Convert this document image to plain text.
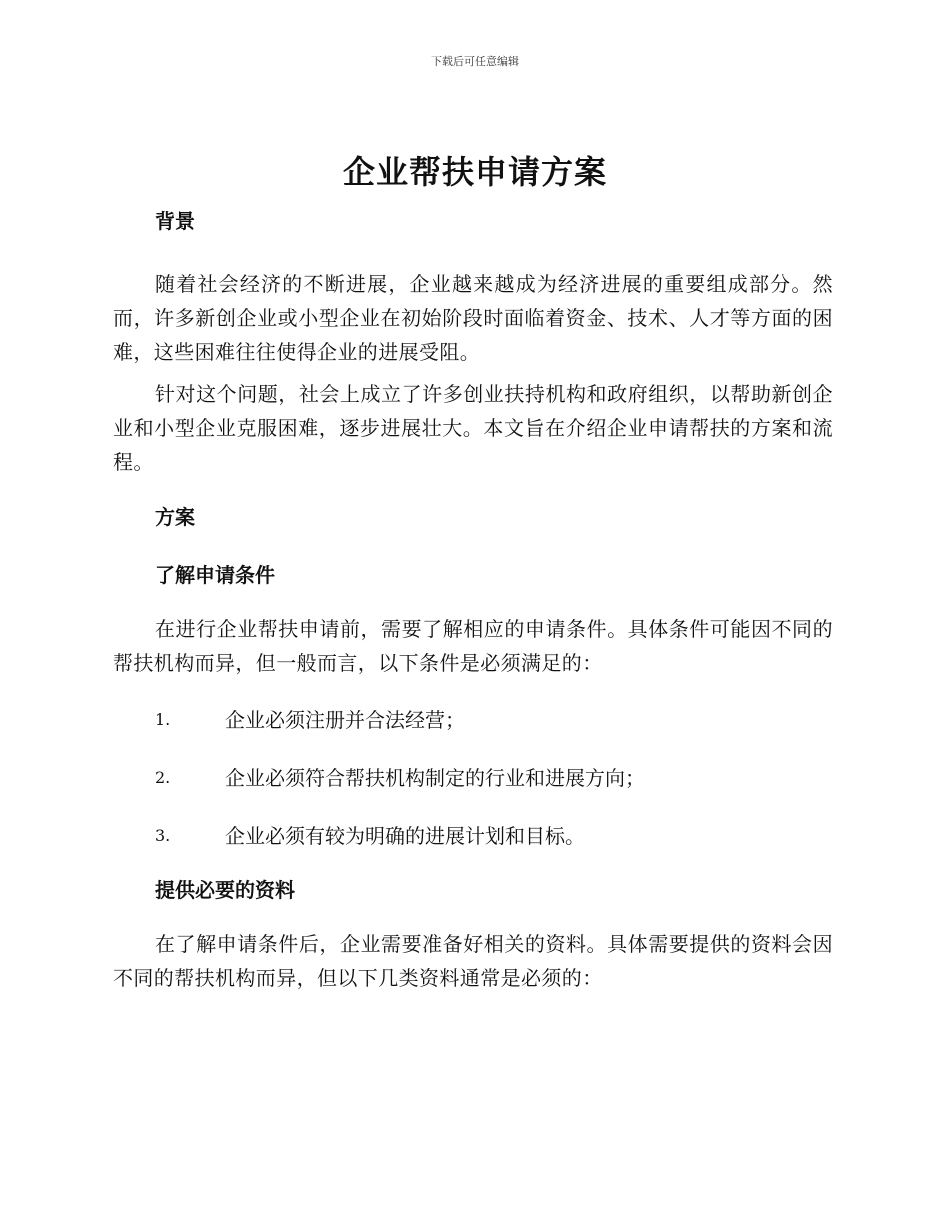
下载后可任意编辑
企业帮扶申请方案
背景

随着社会经济的不断进展，企业越来越成为经济进展的重要组成部分。然而，许多新创企业或小型企业在初始阶段时面临着资金、技术、人才等方面的困难，这些困难往往使得企业的进展受阻。

针对这个问题，社会上成立了许多创业扶持机构和政府组织，以帮助新创企业和小型企业克服困难，逐步进展壮大。本文旨在介绍企业申请帮扶的方案和流程。

方案
了解申请条件

在进行企业帮扶申请前，需要了解相应的申请条件。具体条件可能因不同的帮扶机构而异，但一般而言，以下条件是必须满足的：

1.	企业必须注册并合法经营；

2.	企业必须符合帮扶机构制定的行业和进展方向；

3.	企业必须有较为明确的进展计划和目标。

提供必要的资料

在了解申请条件后，企业需要准备好相关的资料。具体需要提供的资料会因不同的帮扶机构而异，但以下几类资料通常是必须的：
